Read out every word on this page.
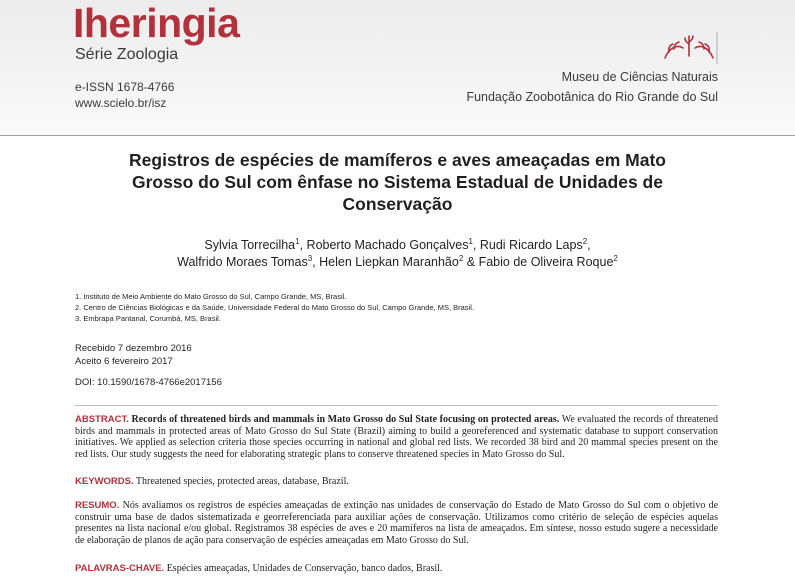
Iheringia
Série Zoologia
e-ISSN 1678-4766
www.scielo.br/isz
Museu de Ciências Naturais
Fundação Zoobotânica do Rio Grande do Sul
Registros de espécies de mamíferos e aves ameaçadas em Mato Grosso do Sul com ênfase no Sistema Estadual de Unidades de Conservação
Sylvia Torrecilha$^1$, Roberto Machado Gonçalves$^1$, Rudi Ricardo Laps$^2$,
Walfrido Moraes Tomas$^3$, Helen Liepkan Maranhão$^2$ & Fabio de Oliveira Roque$^2$
1. Instituto de Meio Ambiente do Mato Grosso do Sul, Campo Grande, MS, Brasil.
2. Centro de Ciências Biológicas e da Saúde, Universidade Federal do Mato Grosso do Sul, Campo Grande, MS, Brasil.
3. Embrapa Pantanal, Corumbá, MS, Brasil.
Recebido 7 dezembro 2016
Aceito 6 fevereiro 2017
DOI: 10.1590/1678-4766e2017156
ABSTRACT. Records of threatened birds and mammals in Mato Grosso do Sul State focusing on protected areas. We evaluated the records of threatened birds and mammals in protected areas of Mato Grosso do Sul State (Brazil) aiming to build a georeferenced and systematic database to support conservation initiatives. We applied as selection criteria those species occurring in national and global red lists. We recorded 38 bird and 20 mammal species present on the red lists. Our study suggests the need for elaborating strategic plans to conserve threatened species in Mato Grosso do Sul.
KEYWORDS. Threatened species, protected areas, database, Brazil.
RESUMO. Nós avaliamos os registros de espécies ameaçadas de extinção nas unidades de conservação do Estado de Mato Grosso do Sul com o objetivo de construir uma base de dados sistematizada e georreferenciada para auxiliar ações de conservação. Utilizamos como critério de seleção de espécies aquelas presentes na lista nacional e/ou global. Registramos 38 espécies de aves e 20 mamíferos na lista de ameaçados. Em síntese, nosso estudo sugere a necessidade de elaboração de planos de ação para conservação de espécies ameaçadas em Mato Grosso do Sul.
PALAVRAS-CHAVE. Espécies ameaçadas, Unidades de Conservação, banco dados, Brasil.
